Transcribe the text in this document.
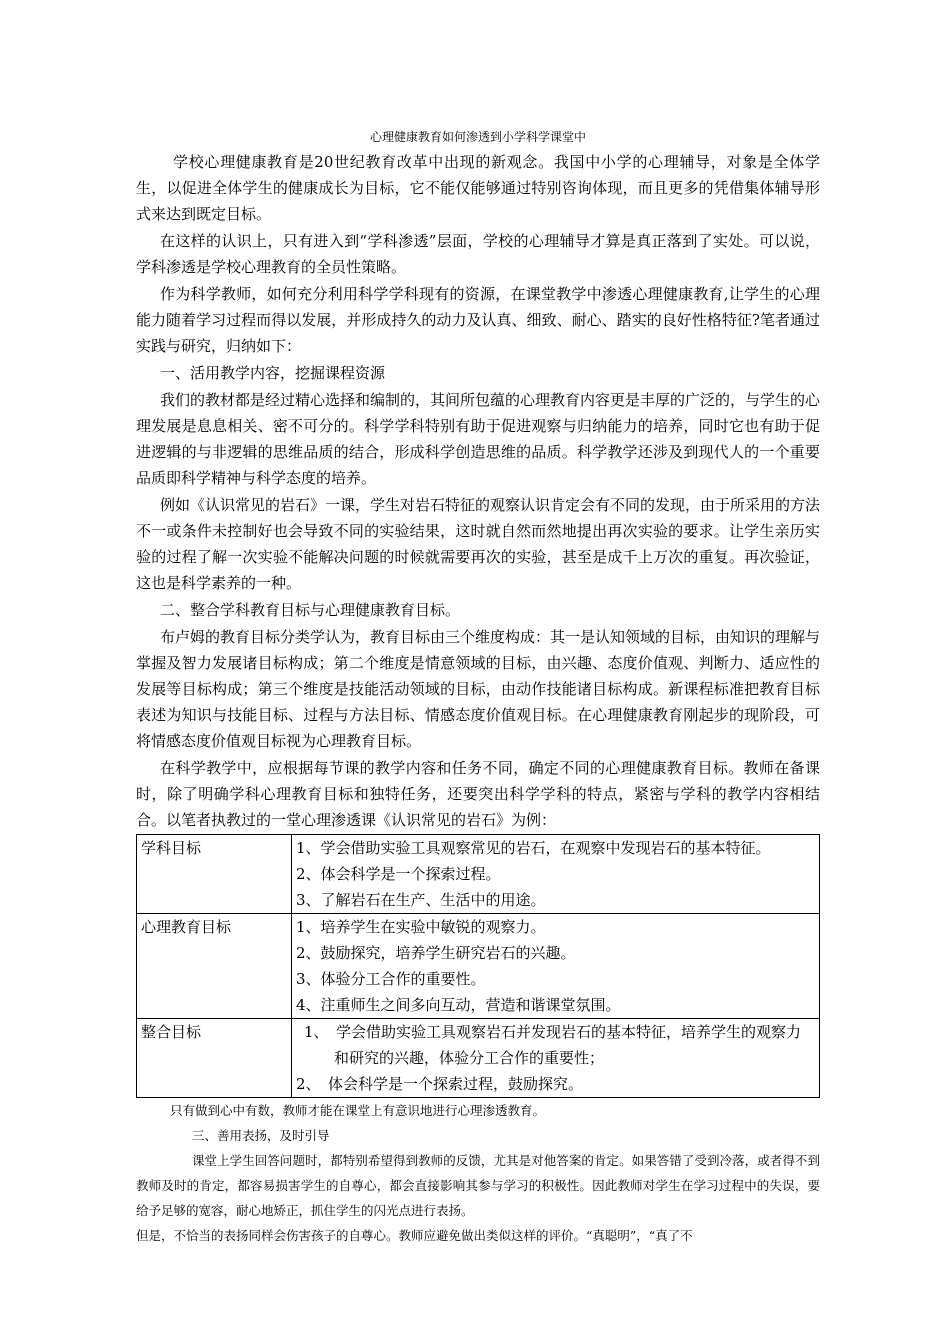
心理健康教育如何渗透到小学科学课堂中

学校心理健康教育是20世纪教育改革中出现的新观念。我国中小学的心理辅导，对象是全体学生，以促进全体学生的健康成长为目标，它不能仅能够通过特别咨询体现，而且更多的凭借集体辅导形式来达到既定目标。

在这样的认识上，只有进入到“学科渗透”层面，学校的心理辅导才算是真正落到了实处。可以说，学科渗透是学校心理教育的全员性策略。

作为科学教师，如何充分利用科学学科现有的资源，在课堂教学中渗透心理健康教育,让学生的心理能力随着学习过程而得以发展，并形成持久的动力及认真、细致、耐心、踏实的良好性格特征?笔者通过实践与研究，归纳如下：

一、活用教学内容，挖掘课程资源

我们的教材都是经过精心选择和编制的，其间所包蕴的心理教育内容更是丰厚的广泛的，与学生的心理发展是息息相关、密不可分的。科学学科特别有助于促进观察与归纳能力的培养，同时它也有助于促进逻辑的与非逻辑的思维品质的结合，形成科学创造思维的品质。科学教学还涉及到现代人的一个重要品质即科学精神与科学态度的培养。

例如《认识常见的岩石》一课，学生对岩石特征的观察认识肯定会有不同的发现，由于所采用的方法不一或条件未控制好也会导致不同的实验结果，这时就自然而然地提出再次实验的要求。让学生亲历实验的过程了解一次实验不能解决问题的时候就需要再次的实验，甚至是成千上万次的重复。再次验证，这也是科学素养的一种。

二、整合学科教育目标与心理健康教育目标。

布卢姆的教育目标分类学认为，教育目标由三个维度构成：其一是认知领域的目标，由知识的理解与掌握及智力发展诸目标构成；第二个维度是情意领域的目标，由兴趣、态度价值观、判断力、适应性的发展等目标构成；第三个维度是技能活动领域的目标，由动作技能诸目标构成。新课程标准把教育目标表述为知识与技能目标、过程与方法目标、情感态度价值观目标。在心理健康教育刚起步的现阶段，可将情感态度价值观目标视为心理教育目标。

在科学教学中，应根据每节课的教学内容和任务不同，确定不同的心理健康教育目标。教师在备课时，除了明确学科心理教育目标和独特任务，还要突出科学学科的特点，紧密与学科的教学内容相结合。以笔者执教过的一堂心理渗透课《认识常见的岩石》为例：

学科目标	1、学会借助实验工具观察常见的岩石，在观察中发现岩石的基本特征。
2、体会科学是一个探索过程。
3、了解岩石在生产、生活中的用途。

心理教育目标	1、培养学生在实验中敏锐的观察力。
2、鼓励探究，培养学生研究岩石的兴趣。
3、体验分工合作的重要性。
4、注重师生之间多向互动，营造和谐课堂氛围。

整合目标	1、　学会借助实验工具观察岩石并发现岩石的基本特征，培养学生的观察力和研究的兴趣，体验分工合作的重要性；
2、　体会科学是一个探索过程，鼓励探究。

只有做到心中有数，教师才能在课堂上有意识地进行心理渗透教育。

三、善用表扬，及时引导

课堂上学生回答问题时，都特别希望得到教师的反馈，尤其是对他答案的肯定。如果答错了受到冷落，或者得不到教师及时的肯定，都容易损害学生的自尊心，都会直接影响其参与学习的积极性。因此教师对学生在学习过程中的失误，要给予足够的宽容，耐心地矫正，抓住学生的闪光点进行表扬。

但是，不恰当的表扬同样会伤害孩子的自尊心。教师应避免做出类似这样的评价。“真聪明”，“真了不
